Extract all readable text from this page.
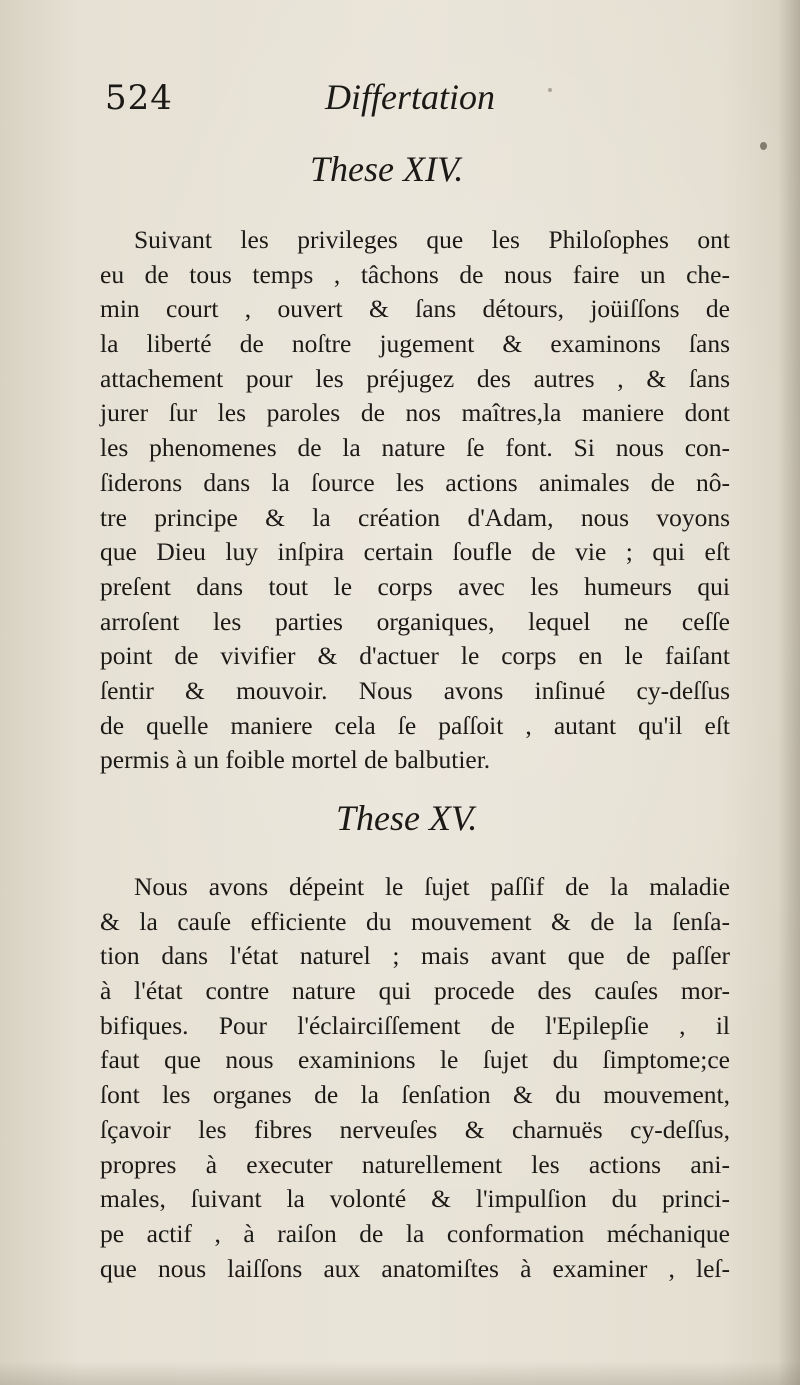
524	Differtation
These XIV.
Suivant les privileges que les Philoſophes ont
eu de tous temps , tâchons de nous faire un che-
min court , ouvert & ſans détours, joüiſſons de
la liberté de noſtre jugement & examinons ſans
attachement pour les préjugez des autres , & ſans
jurer ſur les paroles de nos maîtres,la maniere dont
les phenomenes de la nature ſe font. Si nous con-
ſiderons dans la ſource les actions animales de nô-
tre principe & la création d'Adam, nous voyons
que Dieu luy inſpira certain ſoufle de vie ; qui eſt
preſent dans tout le corps avec les humeurs qui
arroſent les parties organiques, lequel ne ceſſe
point de vivifier & d'actuer le corps en le faiſant
ſentir & mouvoir. Nous avons inſinué cy-deſſus
de quelle maniere cela ſe paſſoit , autant qu'il eſt
permis à un foible mortel de balbutier.
These XV.
Nous avons dépeint le ſujet paſſif de la maladie
& la cauſe efficiente du mouvement & de la ſenſa-
tion dans l'état naturel ; mais avant que de paſſer
à l'état contre nature qui procede des cauſes mor-
bifiques. Pour l'éclairciſſement de l'Epilepſie , il
faut que nous examinions le ſujet du ſimptome;ce
ſont les organes de la ſenſation & du mouvement,
ſçavoir les fibres nerveuſes & charnuës cy-deſſus,
propres à executer naturellement les actions ani-
males, ſuivant la volonté & l'impulſion du princi-
pe actif , à raiſon de la conformation méchanique
que nous laiſſons aux anatomiſtes à examiner , leſ-
